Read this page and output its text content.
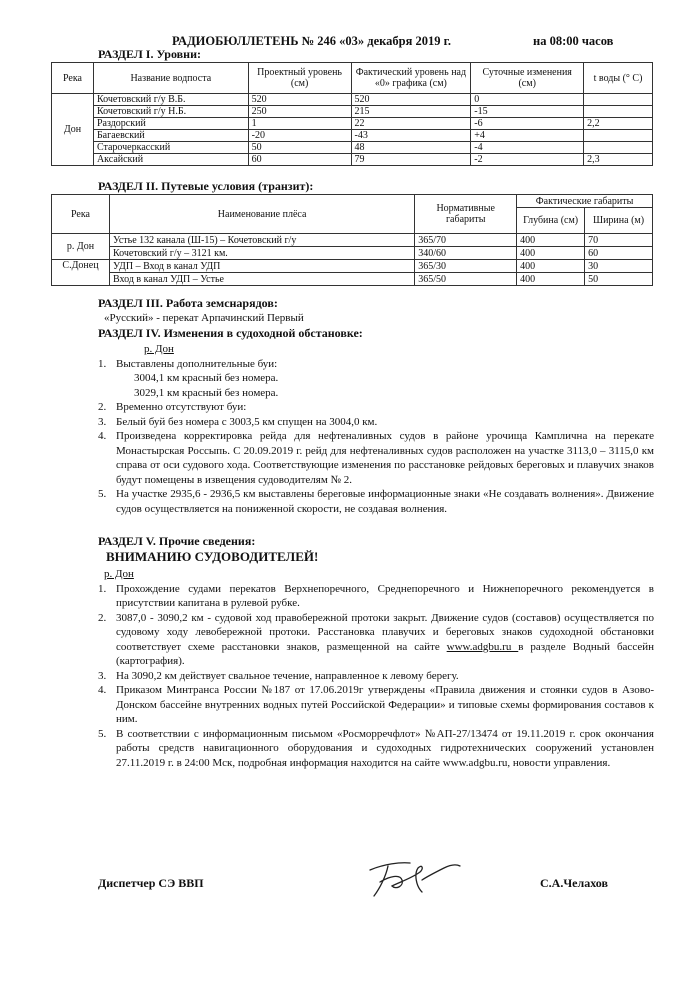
РАДИОБЮЛЛЕТЕНЬ № 246 «03» декабря 2019 г.	на 08:00 часов
РАЗДЕЛ I. Уровни:
Река	Название водпоста	Проектный уровень (см)	Фактический уровень над «0» графика (см)	Суточные изменения (см)	t воды (° C)
Дон	Кочетовский г/у В.Б.	520	520	0	
	Кочетовский г/у Н.Б.	250	215	-15	
	Раздорский	1	22	-6	2,2
	Багаевский	-20	-43	+4	
	Старочеркасский	50	48	-4	
	Аксайский	60	79	-2	2,3
РАЗДЕЛ II. Путевые условия (транзит):
Река	Наименование плёса	Нормативные габариты	Фактические габариты	
			Глубина (см)	Ширина (м)
р. Дон	Устье 132 канала (Ш-15) – Кочетовский г/у	365/70	400	70
	Кочетовский г/у – 3121 км.	340/60	400	60
С.Донец	УДП – Вход в канал УДП	365/30	400	30
	Вход в канал УДП – Устье	365/50	400	50
РАЗДЕЛ III. Работа земснарядов:
«Русский» - перекат Арпачинский Первый
РАЗДЕЛ IV. Изменения в судоходной обстановке:
р. Дон
1. Выставлены дополнительные буи:
3004,1 км красный без номера.
3029,1 км красный без номера.
2. Временно отсутствуют буи:
3. Белый буй без номера с 3003,5 км спущен на 3004,0 км.
4. Произведена корректировка рейда для нефтеналивных судов в районе урочища Камплична на перекате Монастырская Россыпь. С 20.09.2019 г. рейд для нефтеналивных судов расположен на участке 3113,0 – 3115,0 км справа от оси судового хода. Соответствующие изменения по расстановке рейдовых береговых и плавучих знаков будут помещены в извещения судоводителям № 2.
5. На участке 2935,6 - 2936,5 км выставлены береговые информационные знаки «Не создавать волнения». Движение судов осуществляется на пониженной скорости, не создавая волнения.
РАЗДЕЛ V. Прочие сведения:
ВНИМАНИЮ СУДОВОДИТЕЛЕЙ!
р. Дон
1. Прохождение судами перекатов Верхнепоречного, Среднепоречного и Нижнепоречного рекомендуется в присутствии капитана в рулевой рубке.
2. 3087,0 - 3090,2 км - судовой ход правобережной протоки закрыт. Движение судов (составов) осуществляется по судовому ходу левобережной протоки. Расстановка плавучих и береговых знаков судоходной обстановки соответствует схеме расстановки знаков, размещенной на сайте www.adgbu.ru в разделе Водный бассейн (картография).
3. На 3090,2 км действует свальное течение, направленное к левому берегу.
4. Приказом Минтранса России №187 от 17.06.2019г утверждены «Правила движения и стоянки судов в Азово-Донском бассейне внутренних водных путей Российской Федерации» и типовые схемы формирования составов к ним.
5. В соответствии с информационным письмом «Росморречфлот» №АП-27/13474 от 19.11.2019 г. срок окончания работы средств навигационного оборудования и судоходных гидротехнических сооружений установлен 27.11.2019 г. в 24:00 Мск, подробная информация находится на сайте www.adgbu.ru, новости управления.
Диспетчер СЭ ВВП	С.А.Челахов
